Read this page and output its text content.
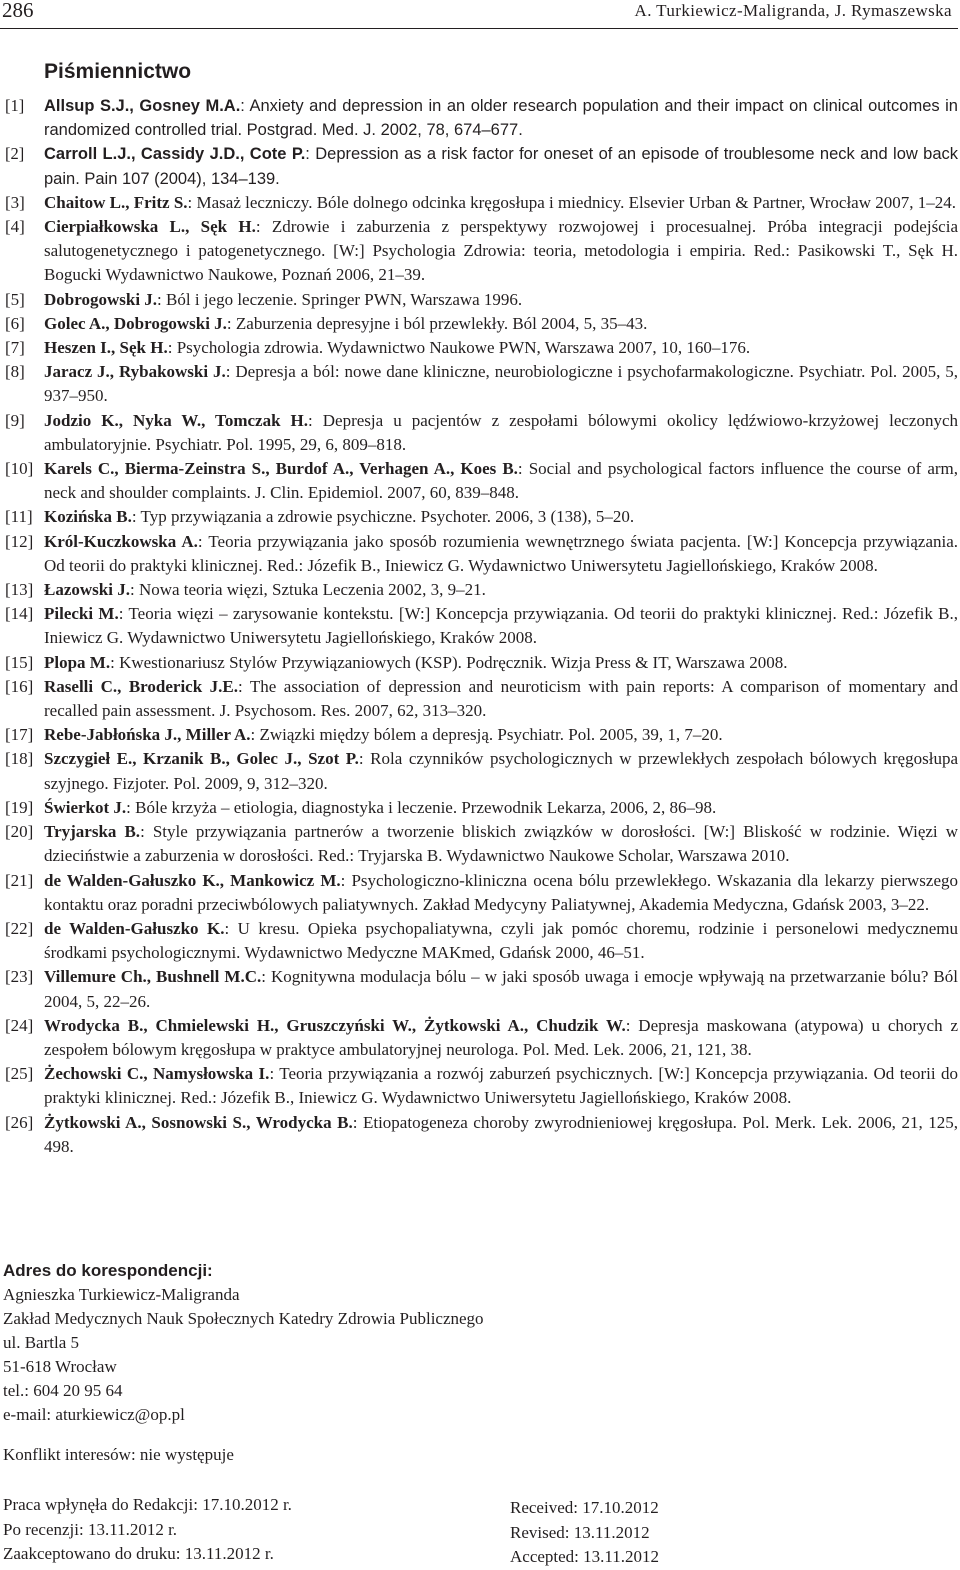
286	A. Turkiewicz-Maligranda, J. Rymaszewska
Piśmiennictwo
[1] Allsup S.J., Gosney M.A.: Anxiety and depression in an older research population and their impact on clinical outcomes in randomized controlled trial. Postgrad. Med. J. 2002, 78, 674–677.
[2] Carroll L.J., Cassidy J.D., Cote P.: Depression as a risk factor for oneset of an episode of troublesome neck and low back pain. Pain 107 (2004), 134–139.
[3] Chaitow L., Fritz S.: Masaż leczniczy. Bóle dolnego odcinka kręgosłupa i miednicy. Elsevier Urban & Partner, Wrocław 2007, 1–24.
[4] Cierpiałkowska L., Sęk H.: Zdrowie i zaburzenia z perspektywy rozwojowej i procesualnej. Próba integracji podejścia salutogenetycznego i patogenetycznego. [W:] Psychologia Zdrowia: teoria, metodologia i empiria. Red.: Pasikowski T., Sęk H. Bogucki Wydawnictwo Naukowe, Poznań 2006, 21–39.
[5] Dobrogowski J.: Ból i jego leczenie. Springer PWN, Warszawa 1996.
[6] Golec A., Dobrogowski J.: Zaburzenia depresyjne i ból przewlekły. Ból 2004, 5, 35–43.
[7] Heszen I., Sęk H.: Psychologia zdrowia. Wydawnictwo Naukowe PWN, Warszawa 2007, 10, 160–176.
[8] Jaracz J., Rybakowski J.: Depresja a ból: nowe dane kliniczne, neurobiologiczne i psychofarmakologiczne. Psychiatr. Pol. 2005, 5, 937–950.
[9] Jodzio K., Nyka W., Tomczak H.: Depresja u pacjentów z zespołami bólowymi okolicy lędźwiowo-krzyżowej leczonych ambulatoryjnie. Psychiatr. Pol. 1995, 29, 6, 809–818.
[10] Karels C., Bierma-Zeinstra S., Burdof A., Verhagen A., Koes B.: Social and psychological factors influence the course of arm, neck and shoulder complaints. J. Clin. Epidemiol. 2007, 60, 839–848.
[11] Kozińska B.: Typ przywiązania a zdrowie psychiczne. Psychoter. 2006, 3 (138), 5–20.
[12] Król-Kuczkowska A.: Teoria przywiązania jako sposób rozumienia wewnętrznego świata pacjenta. [W:] Koncepcja przywiązania. Od teorii do praktyki klinicznej. Red.: Józefik B., Iniewicz G. Wydawnictwo Uniwersytetu Jagiellońskiego, Kraków 2008.
[13] Łazowski J.: Nowa teoria więzi, Sztuka Leczenia 2002, 3, 9–21.
[14] Pilecki M.: Teoria więzi – zarysowanie kontekstu. [W:] Koncepcja przywiązania. Od teorii do praktyki klinicznej. Red.: Józefik B., Iniewicz G. Wydawnictwo Uniwersytetu Jagiellońskiego, Kraków 2008.
[15] Plopa M.: Kwestionariusz Stylów Przywiązaniowych (KSP). Podręcznik. Wizja Press & IT, Warszawa 2008.
[16] Raselli C., Broderick J.E.: The association of depression and neuroticism with pain reports: A comparison of momentary and recalled pain assessment. J. Psychosom. Res. 2007, 62, 313–320.
[17] Rebe-Jabłońska J., Miller A.: Związki między bólem a depresją. Psychiatr. Pol. 2005, 39, 1, 7–20.
[18] Szczygieł E., Krzanik B., Golec J., Szot P.: Rola czynników psychologicznych w przewlekłych zespołach bólowych kręgosłupa szyjnego. Fizjoter. Pol. 2009, 9, 312–320.
[19] Świerkot J.: Bóle krzyża – etiologia, diagnostyka i leczenie. Przewodnik Lekarza, 2006, 2, 86–98.
[20] Tryjarska B.: Style przywiązania partnerów a tworzenie bliskich związków w dorosłości. [W:] Bliskość w rodzinie. Więzi w dzieciństwie a zaburzenia w dorosłości. Red.: Tryjarska B. Wydawnictwo Naukowe Scholar, Warszawa 2010.
[21] de Walden-Gałuszko K., Mankowicz M.: Psychologiczno-kliniczna ocena bólu przewlekłego. Wskazania dla lekarzy pierwszego kontaktu oraz poradni przeciwbólowych paliatywnych. Zakład Medycyny Paliatywnej, Akademia Medyczna, Gdańsk 2003, 3–22.
[22] de Walden-Gałuszko K.: U kresu. Opieka psychopaliatywna, czyli jak pomóc choremu, rodzinie i personelowi medycznemu środkami psychologicznymi. Wydawnictwo Medyczne MAKmed, Gdańsk 2000, 46–51.
[23] Villemure Ch., Bushnell M.C.: Kognitywna modulacja bólu – w jaki sposób uwaga i emocje wpływają na przetwarzanie bólu? Ból 2004, 5, 22–26.
[24] Wrodycka B., Chmielewski H., Gruszczyński W., Żytkowski A., Chudzik W.: Depresja maskowana (atypowa) u chorych z zespołem bólowym kręgosłupa w praktyce ambulatoryjnej neurologa. Pol. Med. Lek. 2006, 21, 121, 38.
[25] Żechowski C., Namysłowska I.: Teoria przywiązania a rozwój zaburzeń psychicznych. [W:] Koncepcja przywiązania. Od teorii do praktyki klinicznej. Red.: Józefik B., Iniewicz G. Wydawnictwo Uniwersytetu Jagiellońskiego, Kraków 2008.
[26] Żytkowski A., Sosnowski S., Wrodycka B.: Etiopatogeneza choroby zwyrodnieniowej kręgosłupa. Pol. Merk. Lek. 2006, 21, 125, 498.
Adres do korespondencji:
Agnieszka Turkiewicz-Maligranda
Zakład Medycznych Nauk Społecznych Katedry Zdrowia Publicznego
ul. Bartla 5
51-618 Wrocław
tel.: 604 20 95 64
e-mail: aturkiewicz@op.pl
Konflikt interesów: nie występuje
Praca wpłynęła do Redakcji: 17.10.2012 r.
Po recenzji: 13.11.2012 r.
Zaakceptowano do druku: 13.11.2012 r.
Received: 17.10.2012
Revised: 13.11.2012
Accepted: 13.11.2012
